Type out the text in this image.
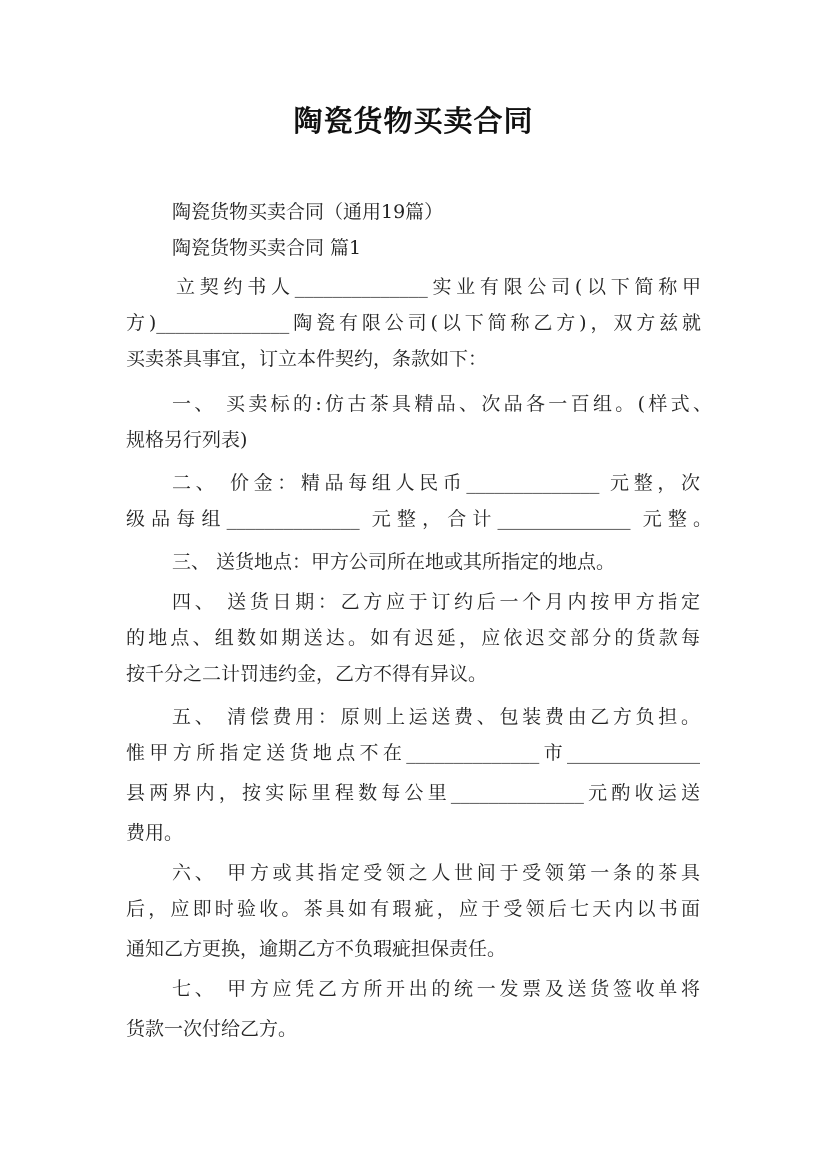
陶瓷货物买卖合同
陶瓷货物买卖合同（通用19篇）
陶瓷货物买卖合同 篇1
立契约书人______________实业有限公司(以下简称甲
方)______________陶瓷有限公司(以下简称乙方)，双方兹就
买卖茶具事宜，订立本件契约，条款如下：
一、 买卖标的:仿古茶具精品、次品各一百组。(样式、
规格另行列表)
二、 价金：精品每组人民币______________ 元整，次
级品每组______________ 元整，合计______________ 元整。
三、 送货地点：甲方公司所在地或其所指定的地点。
四、 送货日期：乙方应于订约后一个月内按甲方指定
的地点、组数如期送达。如有迟延，应依迟交部分的货款每
按千分之二计罚违约金，乙方不得有异议。
五、 清偿费用：原则上运送费、包装费由乙方负担。
惟甲方所指定送货地点不在______________市______________
县两界内，按实际里程数每公里______________元酌收运送
费用。
六、 甲方或其指定受领之人世间于受领第一条的茶具
后，应即时验收。茶具如有瑕疵，应于受领后七天内以书面
通知乙方更换，逾期乙方不负瑕疵担保责任。
七、 甲方应凭乙方所开出的统一发票及送货签收单将
货款一次付给乙方。
